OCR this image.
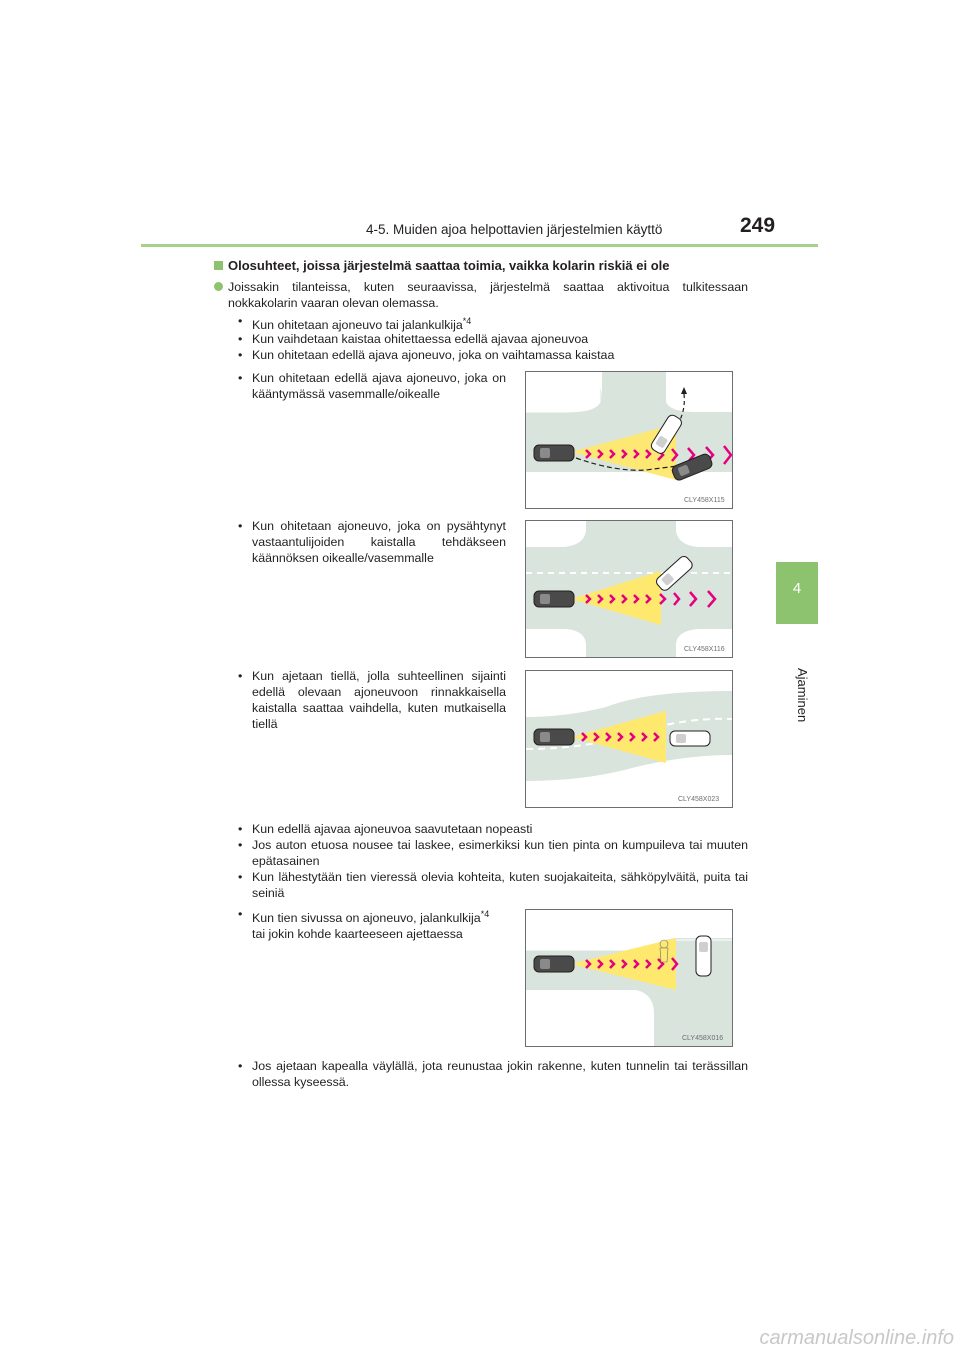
4-5. Muiden ajoa helpottavien järjestelmien käyttö	249
4
Ajaminen
Olosuhteet, joissa järjestelmä saattaa toimia, vaikka kolarin riskiä ei ole
Joissakin tilanteissa, kuten seuraavissa, järjestelmä saattaa aktivoitua tulkitessaan nokkakolarin vaaran olevan olemassa.
• Kun ohitetaan ajoneuvo tai jalankulkija$^{*4}$
• Kun vaihdetaan kaistaa ohitettaessa edellä ajavaa ajoneuvoa
• Kun ohitetaan edellä ajava ajoneuvo, joka on vaihtamassa kaistaa
• Kun ohitetaan edellä ajava ajoneuvo, joka on kääntymässä vasemmalle/oikealle
CLY458X115
• Kun ohitetaan ajoneuvo, joka on pysähtynyt vastaantulijoiden kaistalla tehdäkseen käännöksen oikealle/vasemmalle
CLY458X116
• Kun ajetaan tiellä, jolla suhteellinen sijainti edellä olevaan ajoneuvoon rinnakkaisella kaistalla saattaa vaihdella, kuten mutkaisella tiellä
CLY458X023
• Kun edellä ajavaa ajoneuvoa saavutetaan nopeasti
• Jos auton etuosa nousee tai laskee, esimerkiksi kun tien pinta on kumpuileva tai muuten epätasainen
• Kun lähestytään tien vieressä olevia kohteita, kuten suojakaiteita, sähköpylväitä, puita tai seiniä
• Kun tien sivussa on ajoneuvo, jalankulkija$^{*4}$
tai jokin kohde kaarteeseen ajettaessa
CLY458X016
• Jos ajetaan kapealla väylällä, jota reunustaa jokin rakenne, kuten tunnelin tai terässillan ollessa kyseessä.
carmanualsonline.info
